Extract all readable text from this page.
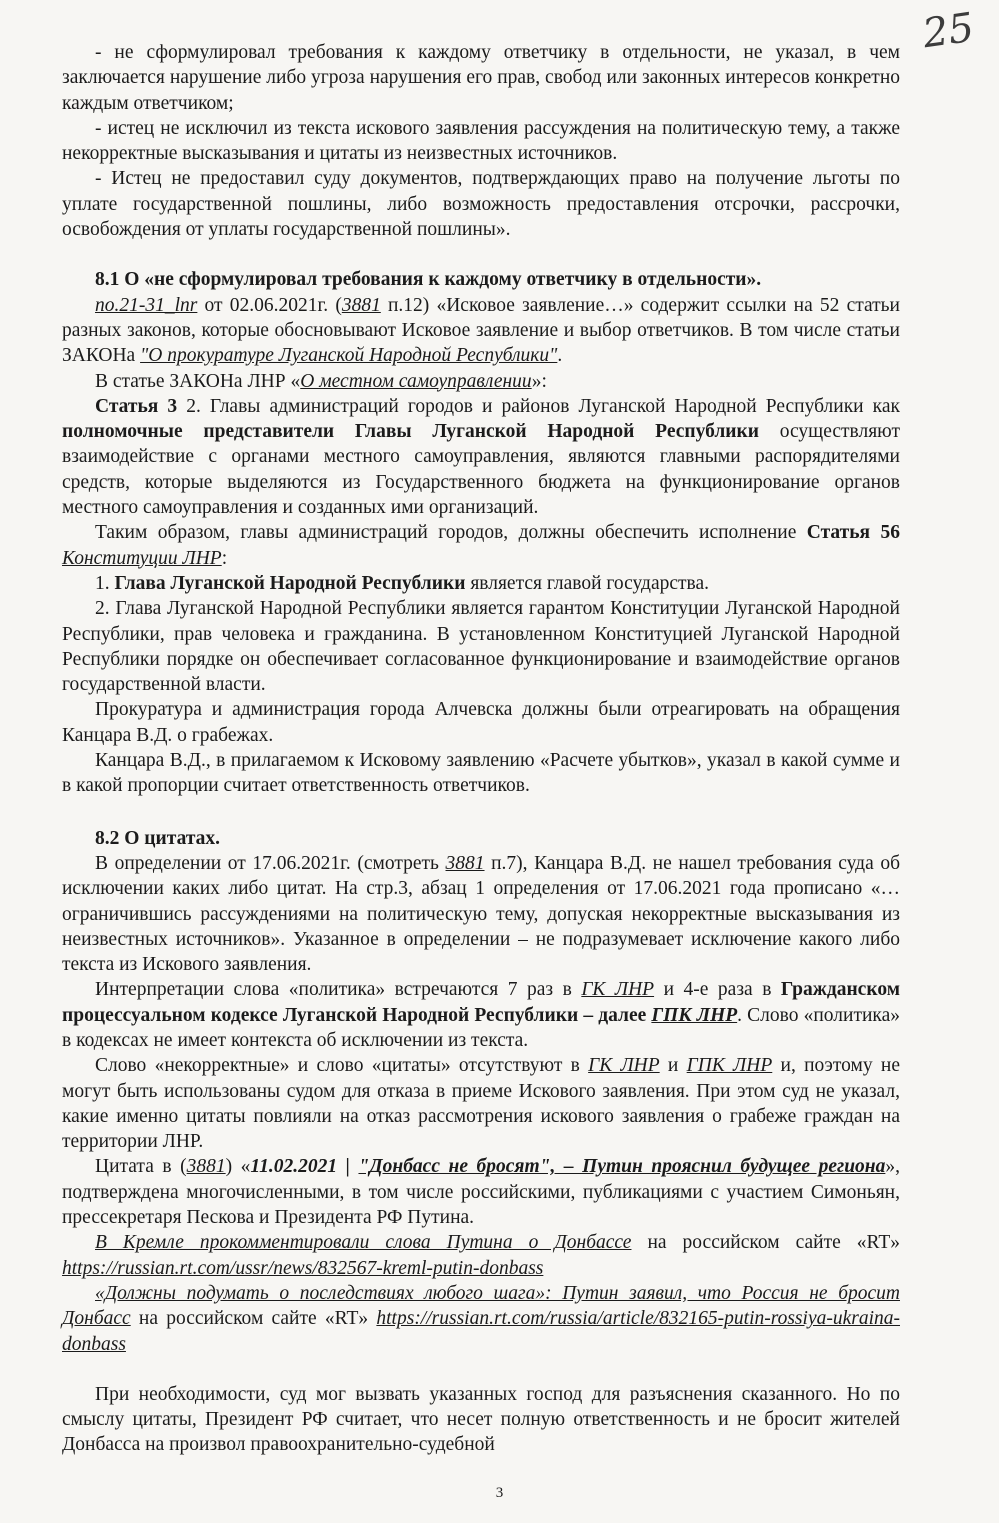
25

- не сформулировал требования к каждому ответчику в отдельности, не указал, в чем заключается нарушение либо угроза нарушения его прав, свобод или законных интересов конкретно каждым ответчиком;

- истец не исключил из текста искового заявления рассуждения на политическую тему, а также некорректные высказывания и цитаты из неизвестных источников.

- Истец не предоставил суду документов, подтверждающих право на получение льготы по уплате государственной пошлины, либо возможность предоставления отсрочки, рассрочки, освобождения от уплаты государственной пошлины».

8.1 О «не сформулировал требования к каждому ответчику в отдельности».

по.21-31_lnr от 02.06.2021г. (3881 п.12) «Исковое заявление…» содержит ссылки на 52 статьи разных законов, которые обосновывают Исковое заявление и выбор ответчиков. В том числе статьи ЗАКОНа "О прокуратуре Луганской Народной Республики".

В статье ЗАКОНа ЛНР «О местном самоуправлении»:

Статья 3 2. Главы администраций городов и районов Луганской Народной Республики как полномочные представители Главы Луганской Народной Республики осуществляют взаимодействие с органами местного самоуправления, являются главными распорядителями средств, которые выделяются из Государственного бюджета на функционирование органов местного самоуправления и созданных ими организаций.

Таким образом, главы администраций городов, должны обеспечить исполнение Статья 56 Конституции ЛНР:

1. Глава Луганской Народной Республики является главой государства.

2. Глава Луганской Народной Республики является гарантом Конституции Луганской Народной Республики, прав человека и гражданина. В установленном Конституцией Луганской Народной Республики порядке он обеспечивает согласованное функционирование и взаимодействие органов государственной власти.

Прокуратура и администрация города Алчевска должны были отреагировать на обращения Канцара В.Д. о грабежах.

Канцара В.Д., в прилагаемом к Исковому заявлению «Расчете убытков», указал в какой сумме и в какой пропорции считает ответственность ответчиков.

8.2 О цитатах.

В определении от 17.06.2021г. (смотреть 3881 п.7), Канцара В.Д. не нашел требования суда об исключении каких либо цитат. На стр.3, абзац 1 определения от 17.06.2021 года прописано «…ограничившись рассуждениями на политическую тему, допуская некорректные высказывания из неизвестных источников». Указанное в определении – не подразумевает исключение какого либо текста из Искового заявления.

Интерпретации слова «политика» встречаются 7 раз в ГК ЛНР и 4-е раза в Гражданском процессуальном кодексе Луганской Народной Республики – далее ГПК ЛНР. Слово «политика» в кодексах не имеет контекста об исключении из текста.

Слово «некорректные» и слово «цитаты» отсутствуют в ГК ЛНР и ГПК ЛНР и, поэтому не могут быть использованы судом для отказа в приеме Искового заявления. При этом суд не указал, какие именно цитаты повлияли на отказ рассмотрения искового заявления о грабеже граждан на территории ЛНР.

Цитата в (3881) «11.02.2021 | "Донбасс не бросят", – Путин прояснил будущее региона», подтверждена многочисленными, в том числе российскими, публикациями с участием Симоньян, прессекретаря Пескова и Президента РФ Путина.

В Кремле прокомментировали слова Путина о Донбассе на российском сайте «RT» https://russian.rt.com/ussr/news/832567-kreml-putin-donbass

«Должны подумать о последствиях любого шага»: Путин заявил, что Россия не бросит Донбасс на российском сайте «RT» https://russian.rt.com/russia/article/832165-putin-rossiya-ukraina-donbass

При необходимости, суд мог вызвать указанных господ для разъяснения сказанного. Но по смыслу цитаты, Президент РФ считает, что несет полную ответственность и не бросит жителей Донбасса на произвол правоохранительно-судебной

3
